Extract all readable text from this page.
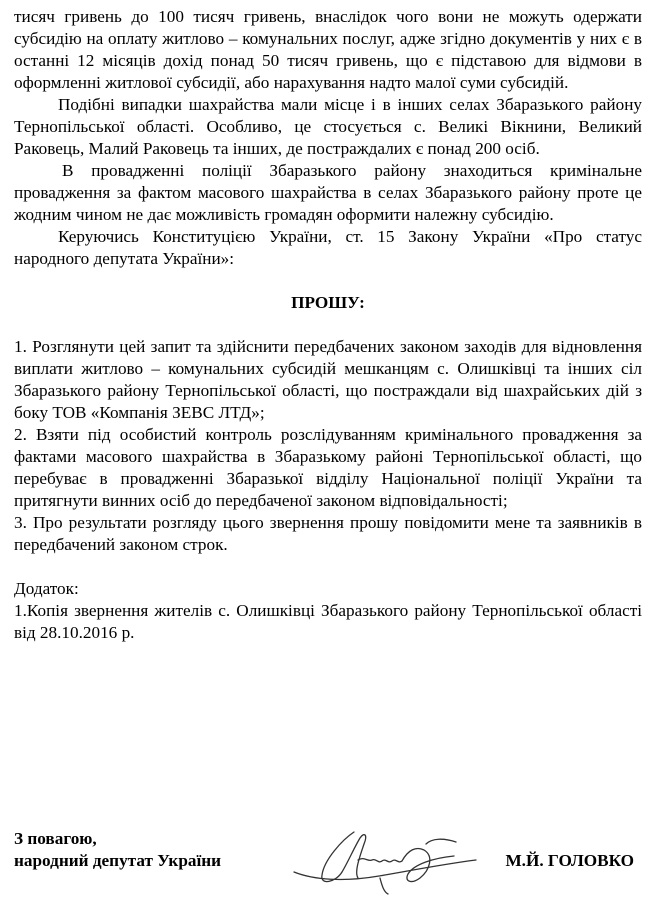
тисяч гривень до 100 тисяч гривень, внаслідок чого вони не можуть одержати субсидію на оплату житлово – комунальних послуг, адже згідно документів у них є в останні 12 місяців дохід понад 50 тисяч гривень, що є підставою для відмови в оформленні житлової субсидії, або нарахування надто малої суми субсидій.

Подібні випадки шахрайства мали місце і в інших селах Збаразького району Тернопільської області. Особливо, це стосується с. Великі Вікнини, Великий Раковець, Малий Раковець та інших, де постраждалих є понад 200 осіб.

В провадженні поліції Збаразького району знаходиться кримінальне провадження за фактом масового шахрайства в селах Збаразького району проте це жодним чином не дає можливість громадян оформити належну субсидію.

Керуючись Конституцією України, ст. 15 Закону України «Про статус народного депутата України»:

ПРОШУ:

1. Розглянути цей запит та здійснити передбачених законом заходів для відновлення виплати житлово – комунальних субсидій мешканцям с. Олишківці та інших сіл Збаразького району Тернопільської області, що постраждали від шахрайських дій з боку ТОВ «Компанія ЗЕВС ЛТД»;

2. Взяти під особистий контроль розслідуванням кримінального провадження за фактами масового шахрайства в Збаразькому районі Тернопільської області, що перебуває в провадженні Збаразької відділу Національної поліції України та притягнути винних осіб до передбаченої законом відповідальності;

3. Про результати розгляду цього звернення прошу повідомити мене та заявників в передбачений законом строк.

Додаток:

1.Копія звернення жителів с. Олишківці Збаразького району Тернопільської області від 28.10.2016 р.

З повагою,
народний депутат України	М.Й. ГОЛОВКО
